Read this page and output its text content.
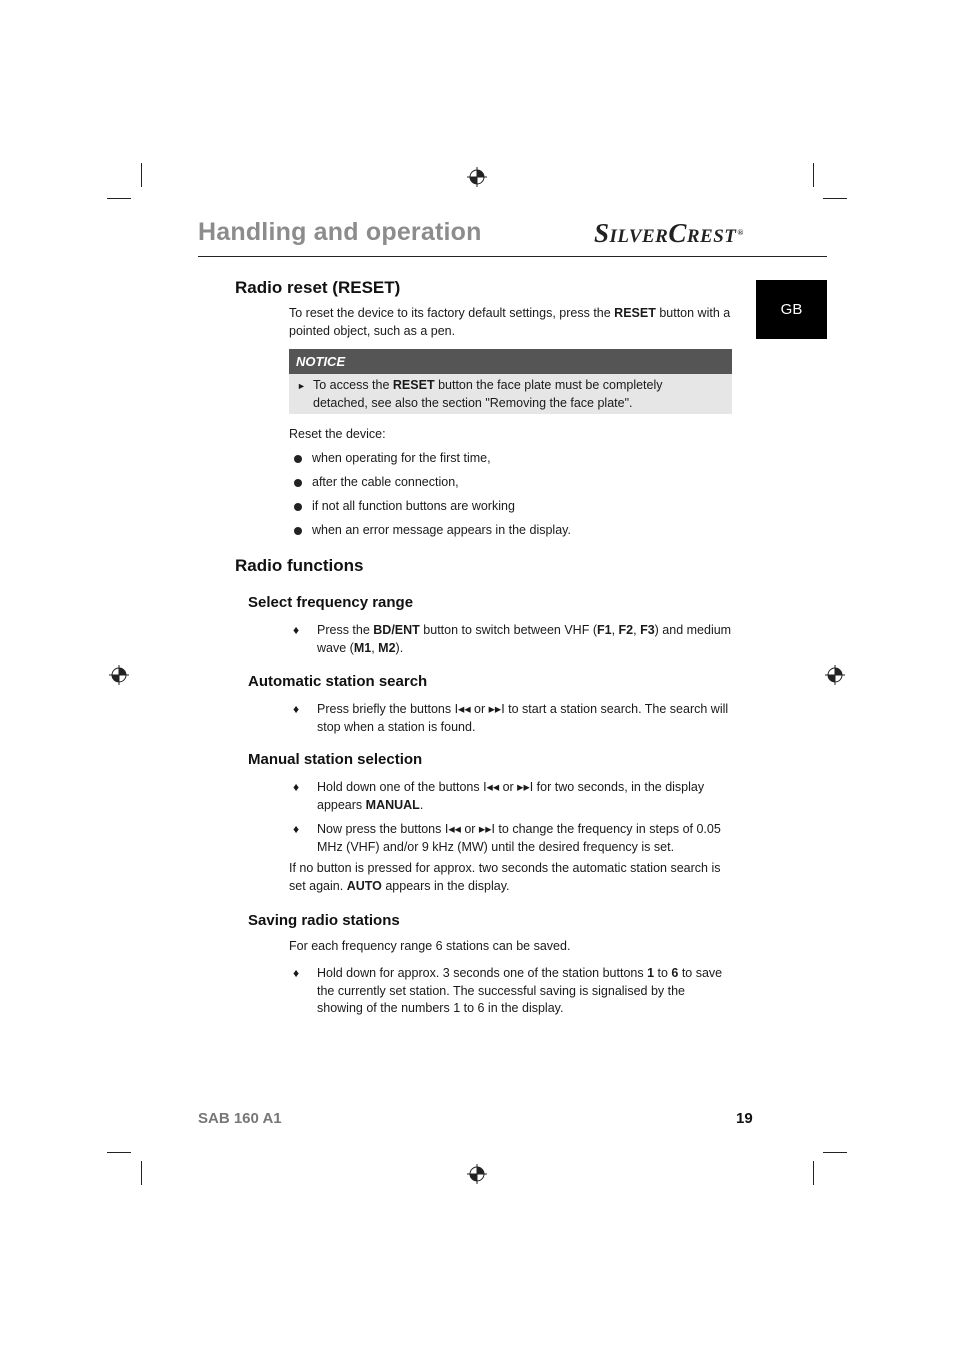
Handling and operation	SILVERCREST®
GB
Radio reset (RESET)

To reset the device to its factory default settings, press the RESET button with a pointed object, such as a pen.

NOTICE
► To access the RESET button the face plate must be completely detached, see also the section "Removing the face plate".

Reset the device:

when operating for the first time,
after the cable connection,
if not all function buttons are working
when an error message appears in the display.
Radio functions
Select frequency range
♦	Press the BD/ENT button to switch between VHF (F1, F2, F3) and medium wave (M1, M2).
Automatic station search
♦	Press briefly the buttons I◂◂ or ▸▸I to start a station search. The search will stop when a station is found.
Manual station selection
♦	Hold down one of the buttons I◂◂ or ▸▸I for two seconds, in the display appears MANUAL.
♦	Now press the buttons I◂◂ or ▸▸I to change the frequency in steps of 0.05 MHz (VHF) and/or 9 kHz (MW) until the desired frequency is set.

If no button is pressed for approx. two seconds the automatic station search is set again. AUTO appears in the display.

Saving radio stations

For each frequency range 6 stations can be saved.

♦	Hold down for approx. 3 seconds one of the station buttons 1 to 6 to save the currently set station. The successful saving is signalised by the showing of the numbers 1 to 6 in the display.
SAB 160 A1	19
